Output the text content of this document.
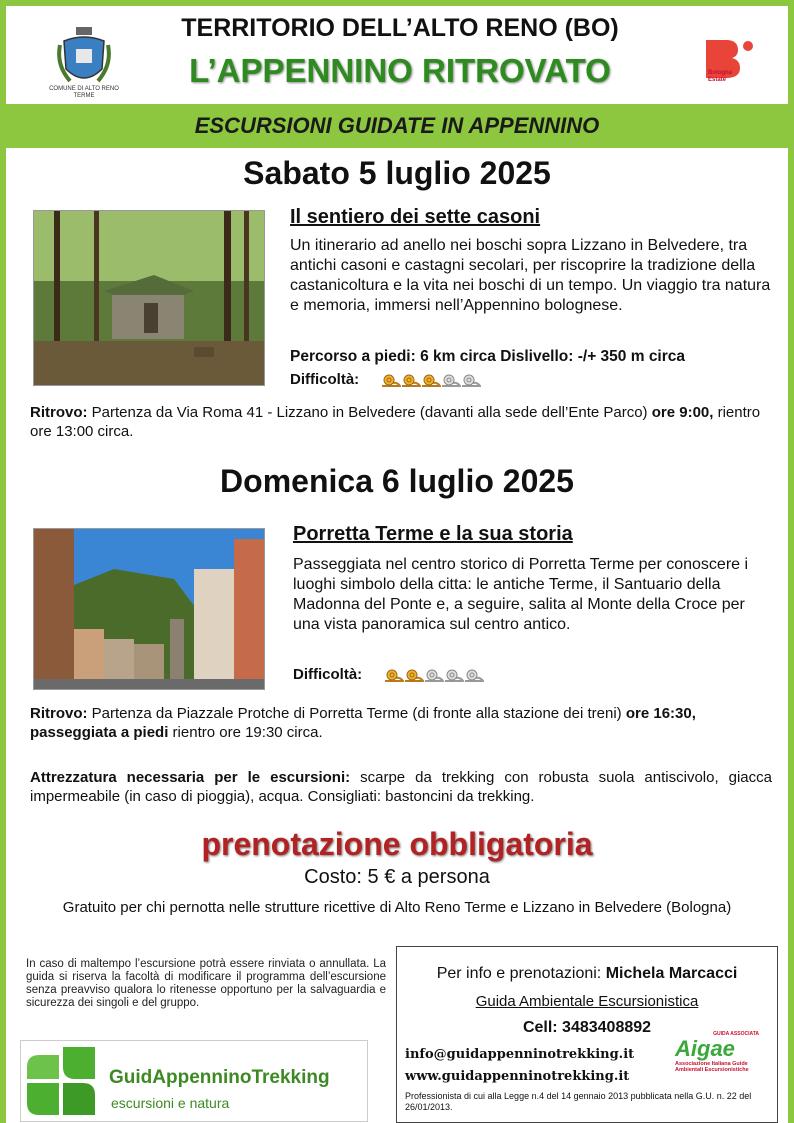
COMUNE DI ALTO RENO TERME
TERRITORIO DELL’ALTO RENO (BO)
L’APPENNINO RITROVATO	Bologna Estate
ESCURSIONI GUIDATE IN APPENNINO
Sabato 5 luglio 2025
Il sentiero dei sette casoni
Un itinerario ad anello nei boschi sopra Lizzano in Belvedere, tra antichi casoni e castagni secolari, per riscoprire la tradizione della castanicoltura e la vita nei boschi di un tempo. Un viaggio tra natura e memoria, immersi nell’Appennino bolognese.
Percorso a piedi: 6 km circa Dislivello: -/+ 350 m circa
Difficoltà:
Ritrovo: Partenza da Via Roma 41 - Lizzano in Belvedere (davanti alla sede dell’Ente Parco) ore 9:00, rientro ore 13:00 circa.
Domenica 6 luglio 2025
Porretta Terme e la sua storia
Passeggiata nel centro storico di Porretta Terme per conoscere i luoghi simbolo della citta: le antiche Terme, il Santuario della Madonna del Ponte e, a seguire, salita al Monte della Croce per una vista panoramica sul centro antico.
Difficoltà:
Ritrovo: Partenza da Piazzale Protche di Porretta Terme (di fronte alla stazione dei treni) ore 16:30, passeggiata a piedi rientro ore 19:30 circa.
Attrezzatura necessaria per le escursioni: scarpe da trekking con robusta suola antiscivolo, giacca impermeabile (in caso di pioggia), acqua. Consigliati: bastoncini da trekking.
prenotazione obbligatoria
Costo: 5 € a persona
Gratuito per chi pernotta nelle strutture ricettive di Alto Reno Terme e Lizzano in Belvedere (Bologna)
In caso di maltempo l’escursione potrà essere rinviata o annullata. La guida si riserva la facoltà di modificare il programma dell’escursione senza preavviso qualora lo ritenesse opportuno per la salvaguardia e sicurezza dei singoli e del gruppo.
GuidAppenninoTrekking
escursioni e natura
Per info e prenotazioni: Michela Marcacci
Guida Ambientale Escursionistica
Cell: 3483408892
info@guidappenninotrekking.it
www.guidappenninotrekking.it
Professionista di cui alla Legge n.4 del 14 gennaio 2013 pubblicata nella G.U. n. 22 del 26/01/2013.
GUIDA ASSOCIATA
Aigae
Associazione Italiana Guide Ambientali Escursionistiche
